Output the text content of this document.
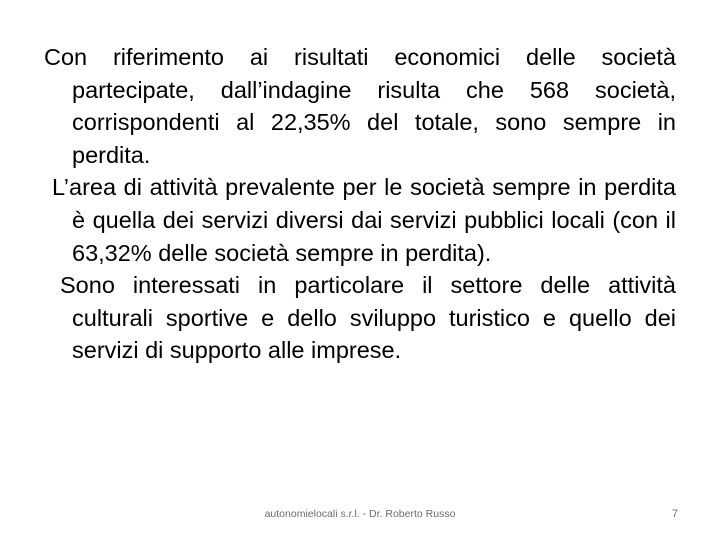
Con riferimento ai risultati economici delle società partecipate, dall’indagine risulta che 568 società, corrispondenti al 22,35% del totale, sono sempre in perdita.

L’area di attività prevalente per le società sempre in perdita è quella dei servizi diversi dai servizi pubblici locali (con il 63,32% delle società sempre in perdita).

Sono interessati in particolare il settore delle attività culturali sportive e dello sviluppo turistico e quello dei servizi di supporto alle imprese.

autonomielocali s.r.l. - Dr. Roberto Russo	7
